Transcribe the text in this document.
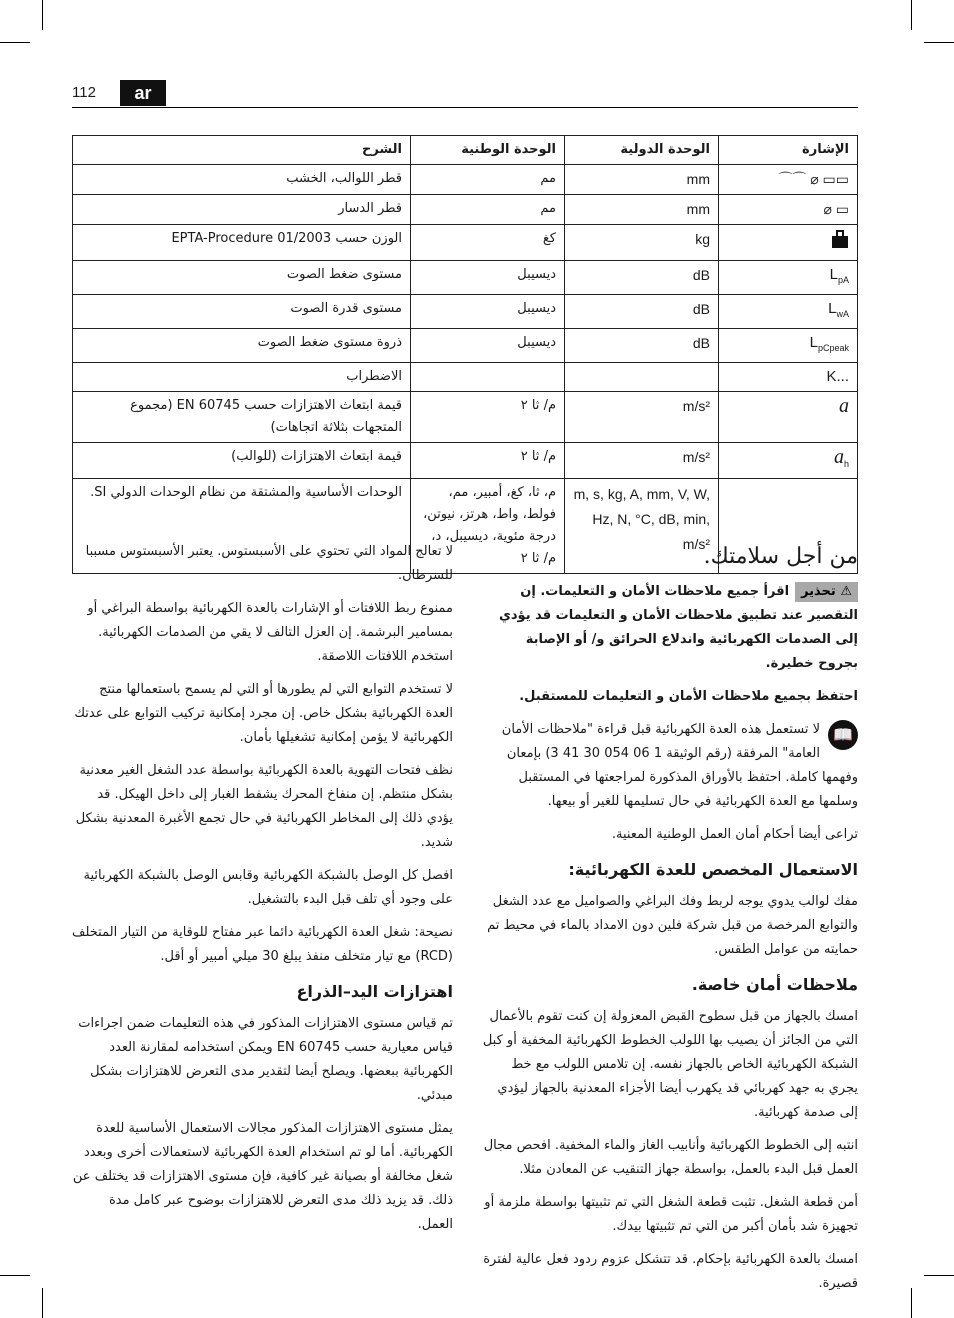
112	ar
الإشارة	الوحدة الدولية	الوحدة الوطنية	الشرح
⌒⌒ ⌀ ▭▭	mm	مم	قطر اللوالب، الخشب
⌀ ▭	mm	مم	قطر الدسار
	kg	كغ	الوزن حسب EPTA-Procedure 01/2003
$L_{pA}$	dB	ديسيبل	مستوى ضغط الصوت
$L_{wA}$	dB	ديسيبل	مستوى قدرة الصوت
$L_{pCpeak}$	dB	ديسيبل	ذروة مستوى ضغط الصوت
K...			الاضطراب
a	m/s²	م/ ثا ٢	قيمة ابتعاث الاهتزازات حسب EN 60745 (مجموع المتجهات بثلاثة اتجاهات)
$a_h$	m/s²	م/ ثا ٢	قيمة ابتعاث الاهتزازات (للوالب)
	m, s, kg, A, mm, V, W, Hz, N, °C, dB, min, m/s²	م، ثا، كغ، أمبير، مم، فولط، واط، هرتز، نيوتن، درجة مئوية، ديسيبل، د، م/ ثا ٢	الوحدات الأساسية والمشتقة من نظام الوحدات الدولي SI.
من أجل سلامتك.

⚠ تحذيراقرأ جميع ملاحظات الأمان و التعليمات. إن التقصير عند تطبيق ملاحظات الأمان و التعليمات قد يؤدي إلى الصدمات الكهربائية واندلاع الحرائق و/ أو الإصابة بجروح خطيرة.

احتفظ بجميع ملاحظات الأمان و التعليمات للمستقبل.

📖
لا تستعمل هذه العدة الكهربائية قبل قراءة "ملاحظات الأمان العامة" المرفقة (رقم الوثيقة 1 06 054 30 41 3) بإمعان وفهمها كاملة. احتفظ بالأوراق المذكورة لمراجعتها في المستقبل وسلمها مع العدة الكهربائية في حال تسليمها للغير أو بيعها.

تراعى أيضا أحكام أمان العمل الوطنية المعنية.

الاستعمال المخصص للعدة الكهربائية:

مفك لوالب يدوي يوجه لربط وفك البراغي والصواميل مع عدد الشغل والتوابع المرخصة من قبل شركة فلين دون الامداد بالماء في محيط تم حمايته من عوامل الطقس.

ملاحظات أمان خاصة.

امسك بالجهاز من قبل سطوح القبض المعزولة إن كنت تقوم بالأعمال التي من الجائز أن يصيب بها اللولب الخطوط الكهربائية المخفية أو كبل الشبكة الكهربائية الخاص بالجهاز نفسه. إن تلامس اللولب مع خط يجري به جهد كهربائي قد يكهرب أيضا الأجزاء المعدنية بالجهاز ليؤدي إلى صدمة كهربائية.

انتبه إلى الخطوط الكهربائية وأنابيب الغاز والماء المخفية. افحص مجال العمل قبل البدء بالعمل، بواسطة جهاز التنقيب عن المعادن مثلا.

أمن قطعة الشغل. تثبت قطعة الشغل التي تم تثبيتها بواسطة ملزمة أو تجهيزة شد بأمان أكبر من التي تم تثبيتها بيدك.

امسك بالعدة الكهربائية بإحكام. قد تتشكل عزوم ردود فعل عالية لفترة قصيرة.

لا تعالج المواد التي تحتوي على الأسبستوس. يعتبر الأسبستوس مسببا للسرطان.

ممنوع ربط اللافتات أو الإشارات بالعدة الكهربائية بواسطة البراغي أو بمسامير البرشمة. إن العزل التالف لا يقي من الصدمات الكهربائية. استخدم اللافتات اللاصقة.

لا تستخدم التوابع التي لم يطورها أو التي لم يسمح باستعمالها منتج العدة الكهربائية بشكل خاص. إن مجرد إمكانية تركيب التوابع على عدتك الكهربائية لا يؤمن إمكانية تشغيلها بأمان.

نظف فتحات التهوية بالعدة الكهربائية بواسطة عدد الشغل الغير معدنية بشكل منتظم. إن منفاخ المحرك يشفط الغبار إلى داخل الهيكل. قد يؤدي ذلك إلى المخاطر الكهربائية في حال تجمع الأغبرة المعدنية بشكل شديد.

افصل كل الوصل بالشبكة الكهربائية وقابس الوصل بالشبكة الكهربائية على وجود أي تلف قبل البدء بالتشغيل.

نصيحة: شغل العدة الكهربائية دائما عبر مفتاح للوقاية من التيار المتخلف (RCD) مع تيار متخلف منفذ يبلغ 30 ميلي أمبير أو أقل.

اهتزازات اليد–الذراع

تم قياس مستوى الاهتزازات المذكور في هذه التعليمات ضمن اجراءات قياس معيارية حسب EN 60745 ويمكن استخدامه لمقارنة العدد الكهربائية ببعضها. ويصلح أيضا لتقدير مدى التعرض للاهتزازات بشكل مبدئي.

يمثل مستوى الاهتزازات المذكور مجالات الاستعمال الأساسية للعدة الكهربائية. أما لو تم استخدام العدة الكهربائية لاستعمالات أخرى وبعدد شغل مخالفة أو بصيانة غير كافية، فإن مستوى الاهتزازات قد يختلف عن ذلك. قد يزيد ذلك مدى التعرض للاهتزازات بوضوح عبر كامل مدة العمل.
